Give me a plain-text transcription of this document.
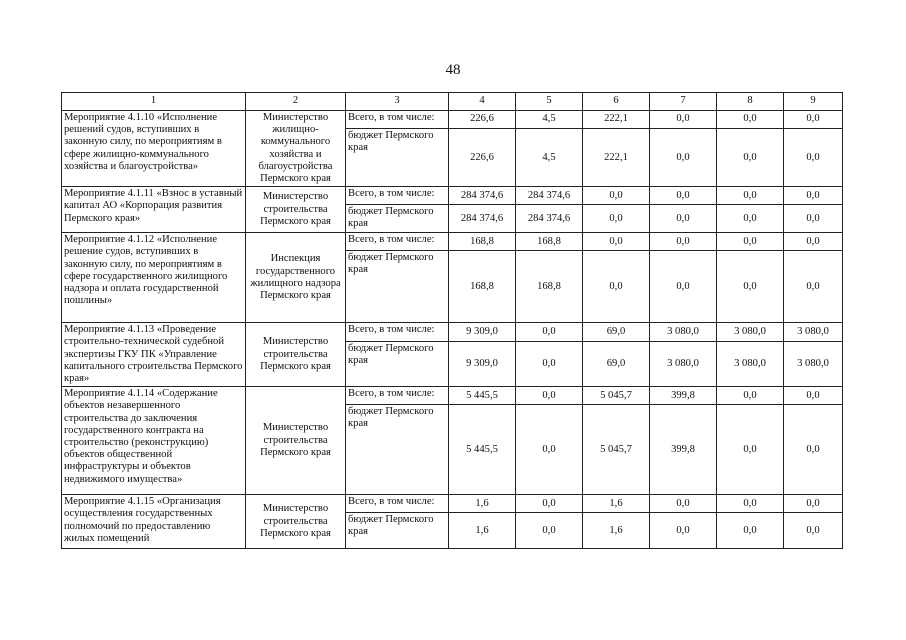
48
1	2	3	4	5	6	7	8	9
Мероприятие 4.1.10 «Исполнение решений судов, вступивших в законную силу, по мероприятиям в сфере жилищно-коммунального хозяйства и благоустройства»	Министерство жилищно-коммунального хозяйства и благоустройства Пермского края	Всего, в том числе:	226,6	4,5	222,1	0,0	0,0	0,0
		бюджет Пермского края	226,6	4,5	222,1	0,0	0,0	0,0
Мероприятие 4.1.11 «Взнос в уставный капитал АО «Корпорация развития Пермского края»	Министерство строительства Пермского края	Всего, в том числе:	284 374,6	284 374,6	0,0	0,0	0,0	0,0
		бюджет Пермского края	284 374,6	284 374,6	0,0	0,0	0,0	0,0
Мероприятие 4.1.12 «Исполнение решение судов, вступивших в законную силу, по мероприятиям в сфере государственного жилищного надзора и оплата государственной пошлины»	Инспекция государственного жилищного надзора Пермского края	Всего, в том числе:	168,8	168,8	0,0	0,0	0,0	0,0
		бюджет Пермского края	168,8	168,8	0,0	0,0	0,0	0,0
Мероприятие 4.1.13 «Проведение строительно-технической судебной экспертизы ГКУ ПК «Управление капитального строительства Пермского края»	Министерство строительства Пермского края	Всего, в том числе:	9 309,0	0,0	69,0	3 080,0	3 080,0	3 080,0
		бюджет Пермского края	9 309,0	0,0	69,0	3 080,0	3 080,0	3 080,0
Мероприятие 4.1.14 «Содержание объектов незавершенного строительства до заключения государственного контракта на строительство (реконструкцию) объектов общественной инфраструктуры и объектов недвижимого имущества»	Министерство строительства Пермского края	Всего, в том числе:	5 445,5	0,0	5 045,7	399,8	0,0	0,0
		бюджет Пермского края	5 445,5	0,0	5 045,7	399,8	0,0	0,0
Мероприятие 4.1.15 «Организация осуществления государственных полномочий по предоставлению жилых помещений	Министерство строительства Пермского края	Всего, в том числе:	1,6	0,0	1,6	0,0	0,0	0,0
		бюджет Пермского края	1,6	0,0	1,6	0,0	0,0	0,0
